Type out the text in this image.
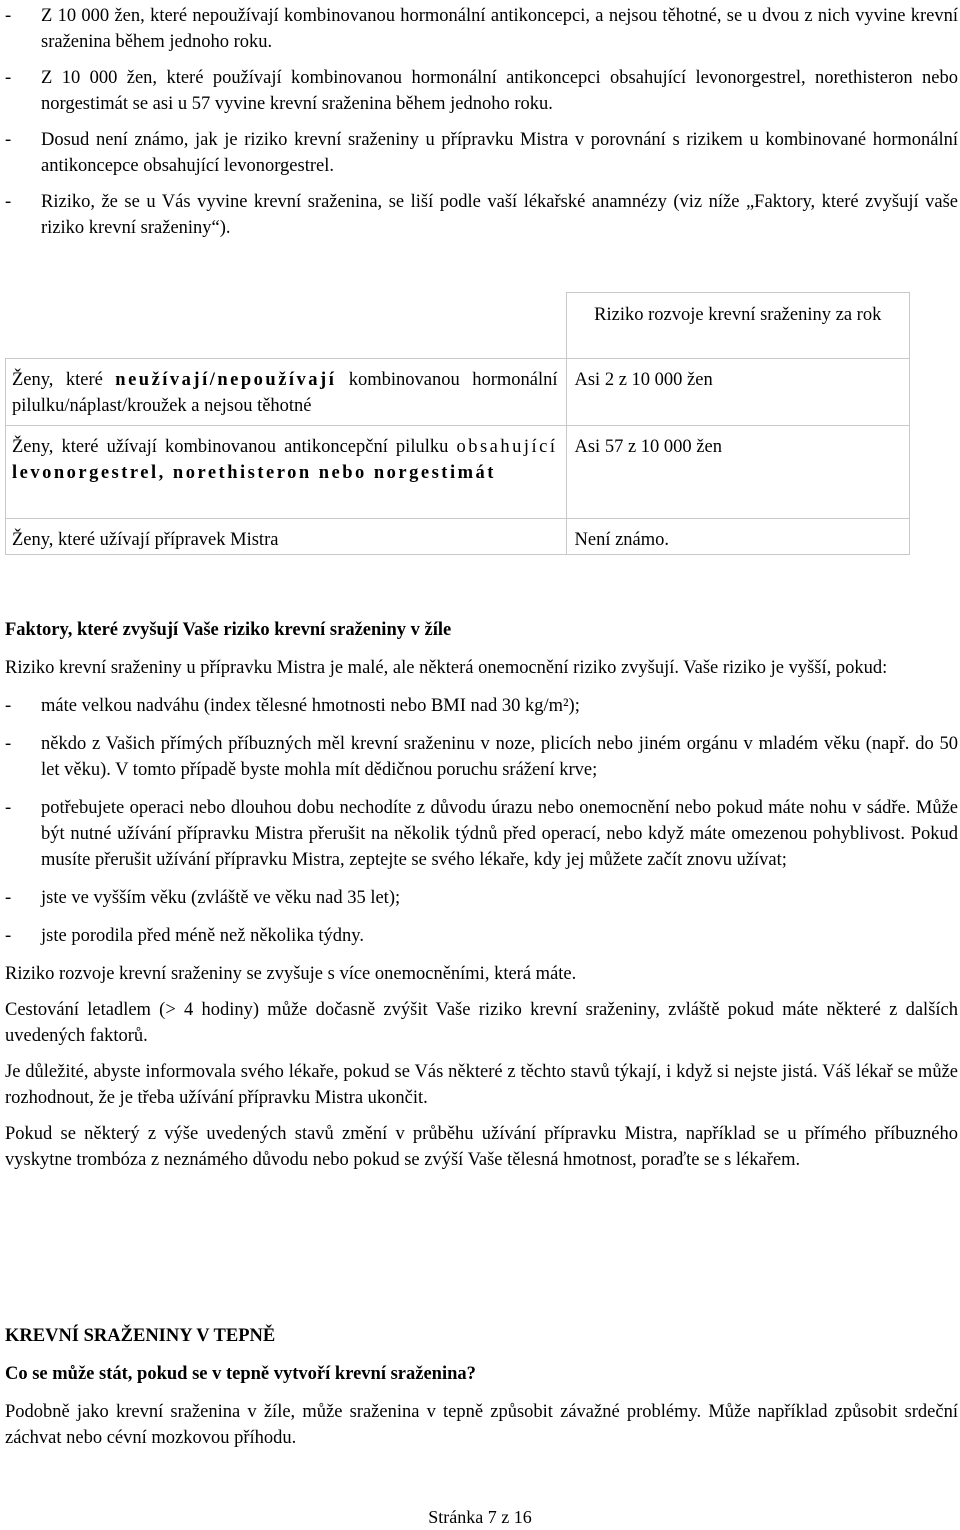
- Z 10 000 žen, které nepoužívají kombinovanou hormonální antikoncepci, a nejsou těhotné, se u dvou z nich vyvine krevní sraženina během jednoho roku.
- Z 10 000 žen, které používají kombinovanou hormonální antikoncepci obsahující levonorgestrel, norethisteron nebo norgestimát se asi u 57 vyvine krevní sraženina během jednoho roku.
- Dosud není známo, jak je riziko krevní sraženiny u přípravku Mistra v porovnání s rizikem u kombinované hormonální antikoncepce obsahující levonorgestrel.
- Riziko, že se u Vás vyvine krevní sraženina, se liší podle vaší lékařské anamnézy (viz níže „Faktory, které zvyšují vaše riziko krevní sraženiny“).
	Riziko rozvoje krevní sraženiny za rok
Ženy, které neužívají/nepoužívají kombinovanou hormonální pilulku/náplast/kroužek a nejsou těhotné	Asi 2 z 10 000 žen
Ženy, které užívají kombinovanou antikoncepční pilulku obsahující levonorgestrel, norethisteron nebo norgestimát	Asi 57 z 10 000 žen
Ženy, které užívají přípravek Mistra	Není známo.
Faktory, které zvyšují Vaše riziko krevní sraženiny v žíle
Riziko krevní sraženiny u přípravku Mistra je malé, ale některá onemocnění riziko zvyšují. Vaše riziko je vyšší, pokud:
- máte velkou nadváhu (index tělesné hmotnosti nebo BMI nad 30 kg/m²);
- někdo z Vašich přímých příbuzných měl krevní sraženinu v noze, plicích nebo jiném orgánu v mladém věku (např. do 50 let věku). V tomto případě byste mohla mít dědičnou poruchu srážení krve;
- potřebujete operaci nebo dlouhou dobu nechodíte z důvodu úrazu nebo onemocnění nebo pokud máte nohu v sádře. Může být nutné užívání přípravku Mistra přerušit na několik týdnů před operací, nebo když máte omezenou pohyblivost. Pokud musíte přerušit užívání přípravku Mistra, zeptejte se svého lékaře, kdy jej můžete začít znovu užívat;
- jste ve vyšším věku (zvláště ve věku nad 35 let);
- jste porodila před méně než několika týdny.
Riziko rozvoje krevní sraženiny se zvyšuje s více onemocněními, která máte.
Cestování letadlem (> 4 hodiny) může dočasně zvýšit Vaše riziko krevní sraženiny, zvláště pokud máte některé z dalších uvedených faktorů.
Je důležité, abyste informovala svého lékaře, pokud se Vás některé z těchto stavů týkají, i když si nejste jistá. Váš lékař se může rozhodnout, že je třeba užívání přípravku Mistra ukončit.
Pokud se některý z výše uvedených stavů změní v průběhu užívání přípravku Mistra, například se u přímého příbuzného vyskytne trombóza z neznámého důvodu nebo pokud se zvýší Vaše tělesná hmotnost, poraďte se s lékařem.
KREVNÍ SRAŽENINY V TEPNĚ
Co se může stát, pokud se v tepně vytvoří krevní sraženina?
Podobně jako krevní sraženina v žíle, může sraženina v tepně způsobit závažné problémy. Může například způsobit srdeční záchvat nebo cévní mozkovou příhodu.
Stránka 7 z 16
